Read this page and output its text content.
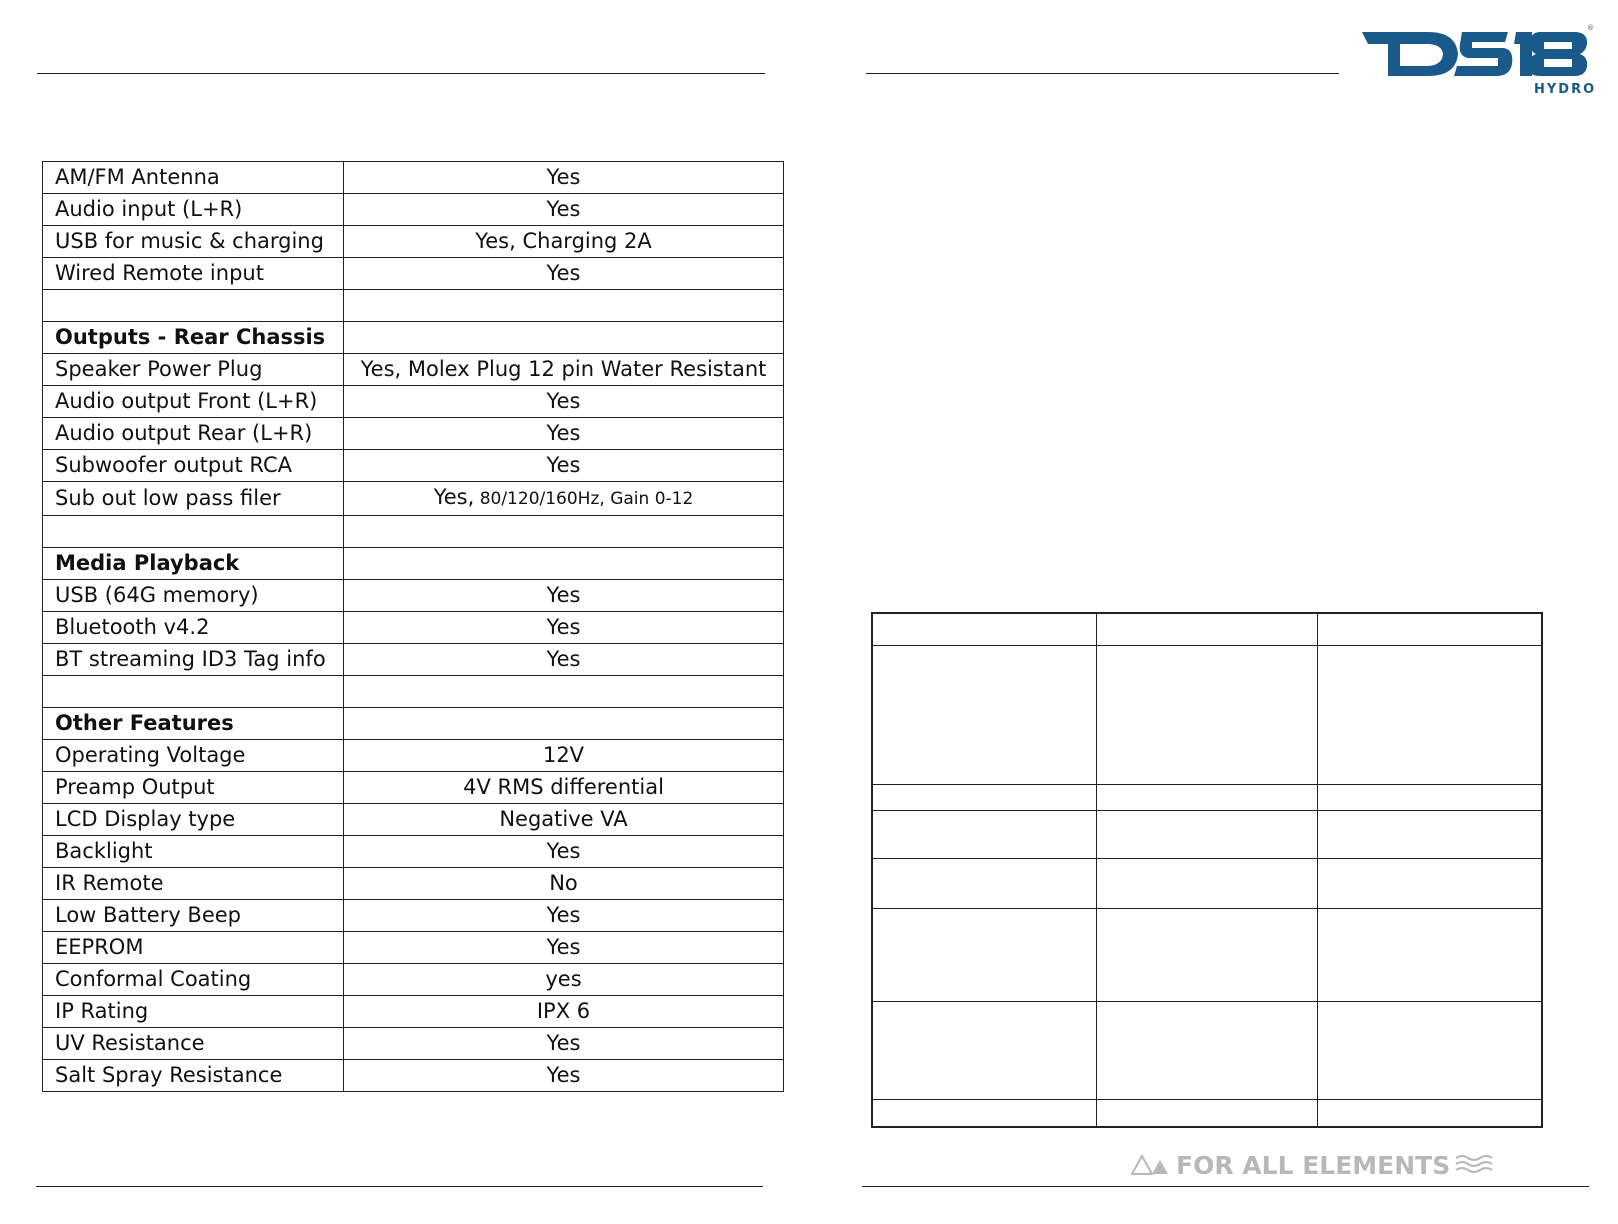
®
HYDRO
AM/FM Antenna	Yes
Audio input (L+R)	Yes
USB for music & charging	Yes, Charging 2A
Wired Remote input	Yes

Outputs - Rear Chassis	
Speaker Power Plug	Yes, Molex Plug 12 pin Water Resistant
Audio output Front (L+R)	Yes
Audio output Rear (L+R)	Yes
Subwoofer output RCA	Yes
Sub out low pass filer	Yes, 80/120/160Hz, Gain 0-12

Media Playback	
USB (64G memory)	Yes
Bluetooth v4.2	Yes
BT streaming ID3 Tag info	Yes

Other Features	
Operating Voltage	12V
Preamp Output	4V RMS differential
LCD Display type	Negative VA
Backlight	Yes
IR Remote	No
Low Battery Beep	Yes
EEPROM	Yes
Conformal Coating	yes
IP Rating	IPX 6
UV Resistance	Yes
Salt Spray Resistance	Yes

FOR ALL ELEMENTS
